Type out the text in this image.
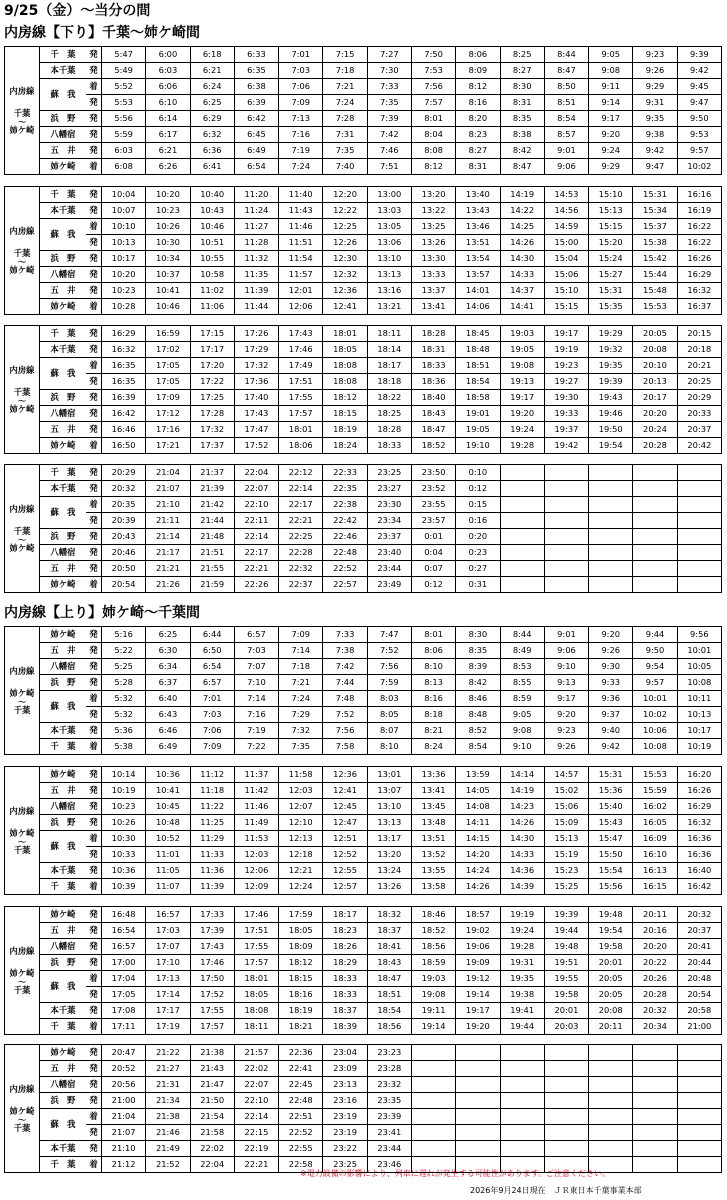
※電力設備の影響により、列車に遅れが発生する可能性があります。ご注意ください。
2026年9月24日現在　ＪＲ東日本千葉事業本部
9/25（金）～当分の間
内房線【下り】千葉～姉ケ崎間
内房線
千葉
～
姉ケ崎	千　葉	発	5:47	6:00	6:18	6:33	7:01	7:15	7:27	7:50	8:06	8:25	8:44	9:05	9:23	9:39
	本千葉	発	5:49	6:03	6:21	6:35	7:03	7:18	7:30	7:53	8:09	8:27	8:47	9:08	9:26	9:42
	蘇　我	着	5:52	6:06	6:24	6:38	7:06	7:21	7:33	7:56	8:12	8:30	8:50	9:11	9:29	9:45
		発	5:53	6:10	6:25	6:39	7:09	7:24	7:35	7:57	8:16	8:31	8:51	9:14	9:31	9:47
	浜　野	発	5:56	6:14	6:29	6:42	7:13	7:28	7:39	8:01	8:20	8:35	8:54	9:17	9:35	9:50
	八幡宿	発	5:59	6:17	6:32	6:45	7:16	7:31	7:42	8:04	8:23	8:38	8:57	9:20	9:38	9:53
	五　井	発	6:03	6:21	6:36	6:49	7:19	7:35	7:46	8:08	8:27	8:42	9:01	9:24	9:42	9:57
	姉ケ崎	着	6:08	6:26	6:41	6:54	7:24	7:40	7:51	8:12	8:31	8:47	9:06	9:29	9:47	10:02
内房線
千葉
～
姉ケ崎	千　葉	発	10:04	10:20	10:40	11:20	11:40	12:20	13:00	13:20	13:40	14:19	14:53	15:10	15:31	16:16
	本千葉	発	10:07	10:23	10:43	11:24	11:43	12:22	13:03	13:22	13:43	14:22	14:56	15:13	15:34	16:19
	蘇　我	着	10:10	10:26	10:46	11:27	11:46	12:25	13:05	13:25	13:46	14:25	14:59	15:15	15:37	16:22
		発	10:13	10:30	10:51	11:28	11:51	12:26	13:06	13:26	13:51	14:26	15:00	15:20	15:38	16:22
	浜　野	発	10:17	10:34	10:55	11:32	11:54	12:30	13:10	13:30	13:54	14:30	15:04	15:24	15:42	16:26
	八幡宿	発	10:20	10:37	10:58	11:35	11:57	12:32	13:13	13:33	13:57	14:33	15:06	15:27	15:44	16:29
	五　井	発	10:23	10:41	11:02	11:39	12:01	12:36	13:16	13:37	14:01	14:37	15:10	15:31	15:48	16:32
	姉ケ崎	着	10:28	10:46	11:06	11:44	12:06	12:41	13:21	13:41	14:06	14:41	15:15	15:35	15:53	16:37
内房線
千葉
～
姉ケ崎	千　葉	発	16:29	16:59	17:15	17:26	17:43	18:01	18:11	18:28	18:45	19:03	19:17	19:29	20:05	20:15
	本千葉	発	16:32	17:02	17:17	17:29	17:46	18:05	18:14	18:31	18:48	19:05	19:19	19:32	20:08	20:18
	蘇　我	着	16:35	17:05	17:20	17:32	17:49	18:08	18:17	18:33	18:51	19:08	19:23	19:35	20:10	20:21
		発	16:35	17:05	17:22	17:36	17:51	18:08	18:18	18:36	18:54	19:13	19:27	19:39	20:13	20:25
	浜　野	発	16:39	17:09	17:25	17:40	17:55	18:12	18:22	18:40	18:58	19:17	19:30	19:43	20:17	20:29
	八幡宿	発	16:42	17:12	17:28	17:43	17:57	18:15	18:25	18:43	19:01	19:20	19:33	19:46	20:20	20:33
	五　井	発	16:46	17:16	17:32	17:47	18:01	18:19	18:28	18:47	19:05	19:24	19:37	19:50	20:24	20:37
	姉ケ崎	着	16:50	17:21	17:37	17:52	18:06	18:24	18:33	18:52	19:10	19:28	19:42	19:54	20:28	20:42
内房線
千葉
～
姉ケ崎	千　葉	発	20:29	21:04	21:37	22:04	22:12	22:33	23:25	23:50	0:10					
	本千葉	発	20:32	21:07	21:39	22:07	22:14	22:35	23:27	23:52	0:12					
	蘇　我	着	20:35	21:10	21:42	22:10	22:17	22:38	23:30	23:55	0:15					
		発	20:39	21:11	21:44	22:11	22:21	22:42	23:34	23:57	0:16					
	浜　野	発	20:43	21:14	21:48	22:14	22:25	22:46	23:37	0:01	0:20					
	八幡宿	発	20:46	21:17	21:51	22:17	22:28	22:48	23:40	0:04	0:23					
	五　井	発	20:50	21:21	21:55	22:21	22:32	22:52	23:44	0:07	0:27					
	姉ケ崎	着	20:54	21:26	21:59	22:26	22:37	22:57	23:49	0:12	0:31					
内房線【上り】姉ケ崎～千葉間
内房線
姉ケ崎
～
千葉	姉ケ崎	発	5:16	6:25	6:44	6:57	7:09	7:33	7:47	8:01	8:30	8:44	9:01	9:20	9:44	9:56
	五　井	発	5:22	6:30	6:50	7:03	7:14	7:38	7:52	8:06	8:35	8:49	9:06	9:26	9:50	10:01
	八幡宿	発	5:25	6:34	6:54	7:07	7:18	7:42	7:56	8:10	8:39	8:53	9:10	9:30	9:54	10:05
	浜　野	発	5:28	6:37	6:57	7:10	7:21	7:44	7:59	8:13	8:42	8:55	9:13	9:33	9:57	10:08
	蘇　我	着	5:32	6:40	7:01	7:14	7:24	7:48	8:03	8:16	8:46	8:59	9:17	9:36	10:01	10:11
		発	5:32	6:43	7:03	7:16	7:29	7:52	8:05	8:18	8:48	9:05	9:20	9:37	10:02	10:13
	本千葉	発	5:36	6:46	7:06	7:19	7:32	7:56	8:07	8:21	8:52	9:08	9:23	9:40	10:06	10:17
	千　葉	着	5:38	6:49	7:09	7:22	7:35	7:58	8:10	8:24	8:54	9:10	9:26	9:42	10:08	10:19
内房線
姉ケ崎
～
千葉	姉ケ崎	発	10:14	10:36	11:12	11:37	11:58	12:36	13:01	13:36	13:59	14:14	14:57	15:31	15:53	16:20
	五　井	発	10:19	10:41	11:18	11:42	12:03	12:41	13:07	13:41	14:05	14:19	15:02	15:36	15:59	16:26
	八幡宿	発	10:23	10:45	11:22	11:46	12:07	12:45	13:10	13:45	14:08	14:23	15:06	15:40	16:02	16:29
	浜　野	発	10:26	10:48	11:25	11:49	12:10	12:47	13:13	13:48	14:11	14:26	15:09	15:43	16:05	16:32
	蘇　我	着	10:30	10:52	11:29	11:53	12:13	12:51	13:17	13:51	14:15	14:30	15:13	15:47	16:09	16:36
		発	10:33	11:01	11:33	12:03	12:18	12:52	13:20	13:52	14:20	14:33	15:19	15:50	16:10	16:36
	本千葉	発	10:36	11:05	11:36	12:06	12:21	12:55	13:24	13:55	14:24	14:36	15:23	15:54	16:13	16:40
	千　葉	着	10:39	11:07	11:39	12:09	12:24	12:57	13:26	13:58	14:26	14:39	15:25	15:56	16:15	16:42
内房線
姉ケ崎
～
千葉	姉ケ崎	発	16:48	16:57	17:33	17:46	17:59	18:17	18:32	18:46	18:57	19:19	19:39	19:48	20:11	20:32
	五　井	発	16:54	17:03	17:39	17:51	18:05	18:23	18:37	18:52	19:02	19:24	19:44	19:54	20:16	20:37
	八幡宿	発	16:57	17:07	17:43	17:55	18:09	18:26	18:41	18:56	19:06	19:28	19:48	19:58	20:20	20:41
	浜　野	発	17:00	17:10	17:46	17:57	18:12	18:29	18:43	18:59	19:09	19:31	19:51	20:01	20:22	20:44
	蘇　我	着	17:04	17:13	17:50	18:01	18:15	18:33	18:47	19:03	19:12	19:35	19:55	20:05	20:26	20:48
		発	17:05	17:14	17:52	18:05	18:16	18:33	18:51	19:08	19:14	19:38	19:58	20:05	20:28	20:54
	本千葉	発	17:08	17:17	17:55	18:08	18:19	18:37	18:54	19:11	19:17	19:41	20:01	20:08	20:32	20:58
	千　葉	着	17:11	17:19	17:57	18:11	18:21	18:39	18:56	19:14	19:20	19:44	20:03	20:11	20:34	21:00
内房線
姉ケ崎
～
千葉	姉ケ崎	発	20:47	21:22	21:38	21:57	22:36	23:04	23:23							
	五　井	発	20:52	21:27	21:43	22:02	22:41	23:09	23:28							
	八幡宿	発	20:56	21:31	21:47	22:07	22:45	23:13	23:32							
	浜　野	発	21:00	21:34	21:50	22:10	22:48	23:16	23:35							
	蘇　我	着	21:04	21:38	21:54	22:14	22:51	23:19	23:39							
		発	21:07	21:46	21:58	22:15	22:52	23:19	23:41							
	本千葉	発	21:10	21:49	22:02	22:19	22:55	23:22	23:44							
	千　葉	着	21:12	21:52	22:04	22:21	22:58	23:25	23:46							
